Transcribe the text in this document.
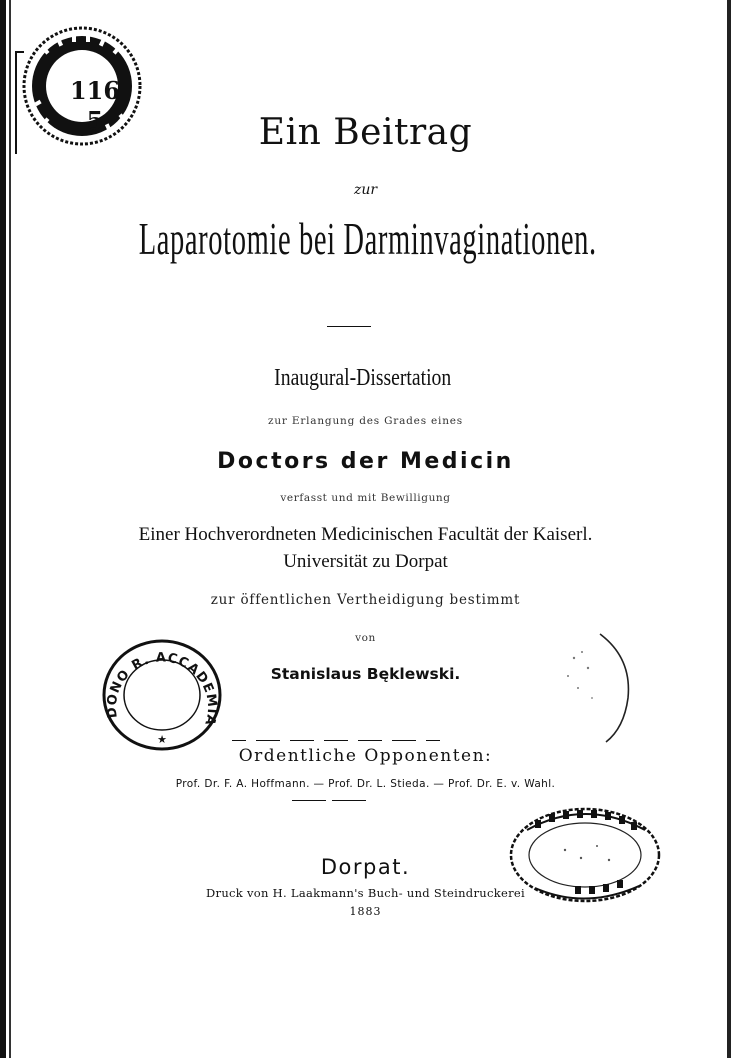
116
5	Ein Beitrag
zur
Laparotomie bei Darminvaginationen.
Inaugural-Dissertation
zur Erlangung des Grades eines
Doctors der Medicin
verfasst und mit Bewilligung
Einer Hochverordneten Medicinischen Facultät der Kaiserl.
Universität zu Dorpat
zur öffentlichen Vertheidigung bestimmt
von
Stanislaus Bęklewski.
DONO R. ACCADEMIA
★
Ordentliche Opponenten:
Prof. Dr. F. A. Hoffmann. — Prof. Dr. L. Stieda. — Prof. Dr. E. v. Wahl.
Dorpat.
Druck von H. Laakmann's Buch- und Steindruckerei
1883
